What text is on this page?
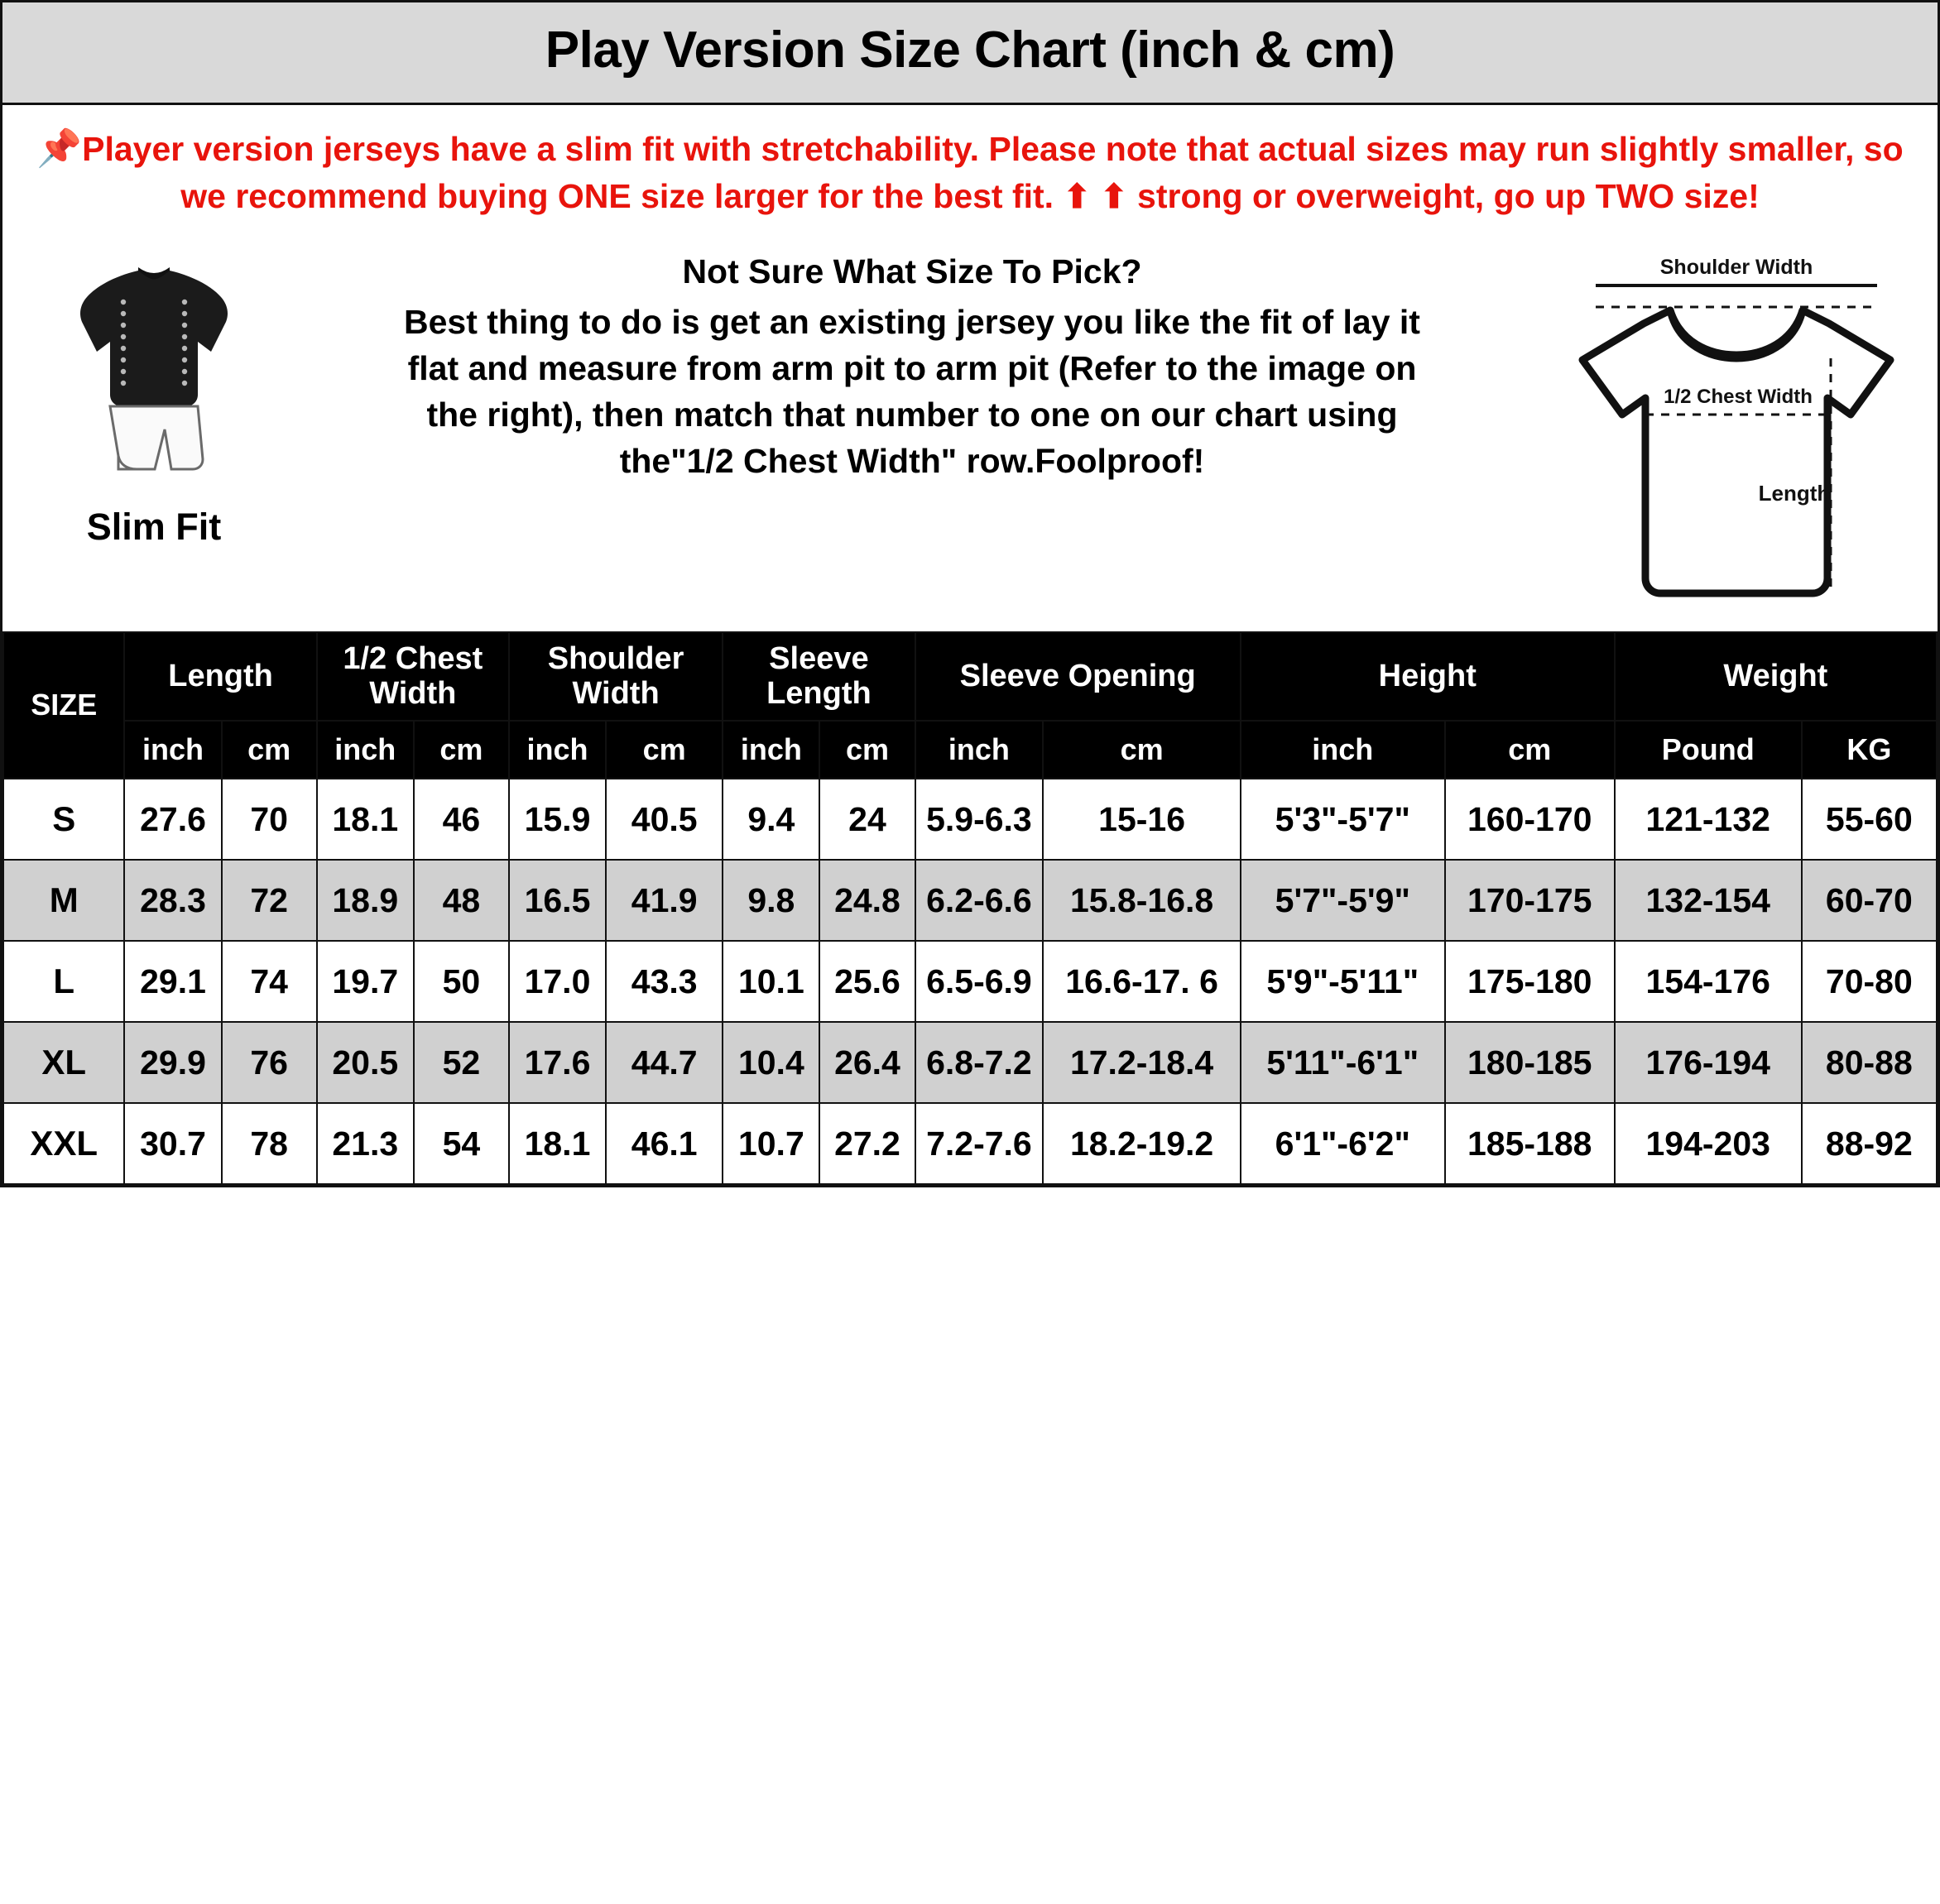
Play Version Size Chart (inch & cm)
📌Player version jerseys have a slim fit with stretchability. Please note that actual sizes may run slightly smaller, so we recommend buying ONE size larger for the best fit. ⬆ ⬆ strong or overweight, go up TWO size!
Slim Fit

Not Sure What Size To Pick?

Best thing to do is get an existing jersey you like the fit of lay it

flat and measure from arm pit to arm pit (Refer to the image on

the right), then match that number to one on our chart using

the"1/2 Chest Width" row.Foolproof!

Shoulder Width
1/2 Chest Width
Length
SIZE	Length		1/2 Chest Width		Shoulder Width		Sleeve Length		Sleeve Opening		Height		Weight	
	inch	cm	inch	cm	inch	cm	inch	cm	inch	cm	inch	cm	Pound	KG
S	27.6	70	18.1	46	15.9	40.5	9.4	24	5.9-6.3	15-16	5'3"-5'7"	160-170	121-132	55-60
M	28.3	72	18.9	48	16.5	41.9	9.8	24.8	6.2-6.6	15.8-16.8	5'7"-5'9"	170-175	132-154	60-70
L	29.1	74	19.7	50	17.0	43.3	10.1	25.6	6.5-6.9	16.6-17. 6	5'9"-5'11"	175-180	154-176	70-80
XL	29.9	76	20.5	52	17.6	44.7	10.4	26.4	6.8-7.2	17.2-18.4	5'11"-6'1"	180-185	176-194	80-88
XXL	30.7	78	21.3	54	18.1	46.1	10.7	27.2	7.2-7.6	18.2-19.2	6'1"-6'2"	185-188	194-203	88-92
